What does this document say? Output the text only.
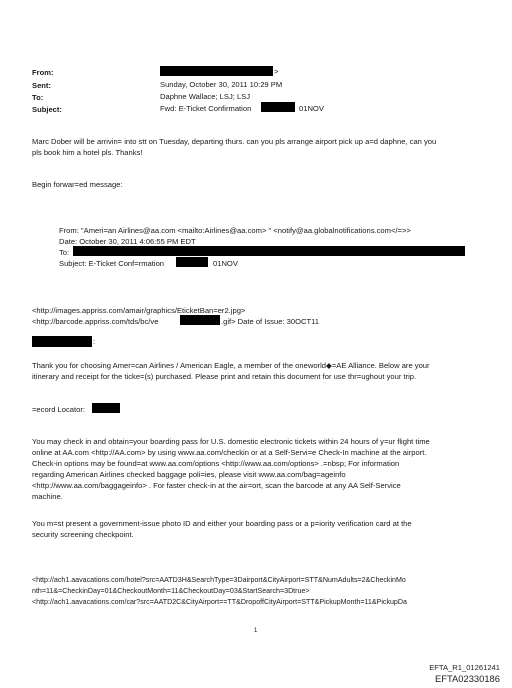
From:	>
Sent:	Sunday, October 30, 2011 10:29 PM
To:	Daphne Wallace; LSJ; LSJ
Subject:	Fwd: E-Ticket Confirmation	01NOV
Marc Dober will be arrivin= into stt on Tuesday, departing thurs. can you pls arrange airport pick up a=d daphne, can you
pls book him a hotel pls. Thanks!
Begin forwar=ed message:
From: "Ameri=an Airlines@aa.com <mailto:Airlines@aa.com> " <notify@aa.globalnotifications.com</=>>
Date: October 30, 2011 4:06:55 PM EDT
To:
Subject: E-Ticket Conf=rmation	01NOV
<http://images.appriss.com/amair/graphics/EticketBan=er2.jpg>
<http://barcode.appriss.com/tds/bc/ve	.gif> Date of Issue: 30OCT11
:
Thank you for choosing Amer=can Airlines / American Eagle, a member of the oneworld◆=AE Alliance. Below are your
itinerary and receipt for the ticke=(s) purchased. Please print and retain this document for use thr=ughout your trip.
=ecord Locator:
You may check in and obtain=your boarding pass for U.S. domestic electronic tickets within 24 hours of y=ur flight time
online at AA.com <http://AA.com> by using www.aa.com/checkin or at a Self-Servi=e Check-In machine at the airport.
Check-in options may be found=at www.aa.com/options <http://www.aa.com/options> .=nbsp; For information
regarding American Airlines checked baggage poli=ies, please visit www.aa.com/bag=ageinfo
<http://www.aa.com/baggageinfo> . For faster check-in at the air=ort, scan the barcode at any AA Self-Service
machine.
You m=st present a government-issue photo ID and either your boarding pass or a p=iority verification card at the
security screening checkpoint.
<http://ach1.aavacations.com/hotel?src=AATD3H&SearchType=3Dairport&CityAirport=STT&NumAdults=2&CheckinMo
nth=11&=CheckinDay=01&CheckoutMonth=11&CheckoutDay=03&StartSearch=3Dtrue>
<http://ach1.aavacations.com/car?src=AATD2C&CityAirport==TT&DropoffCityAirport=STT&PickupMonth=11&PickupDa
1
EFTA_R1_01261241
EFTA02330186
